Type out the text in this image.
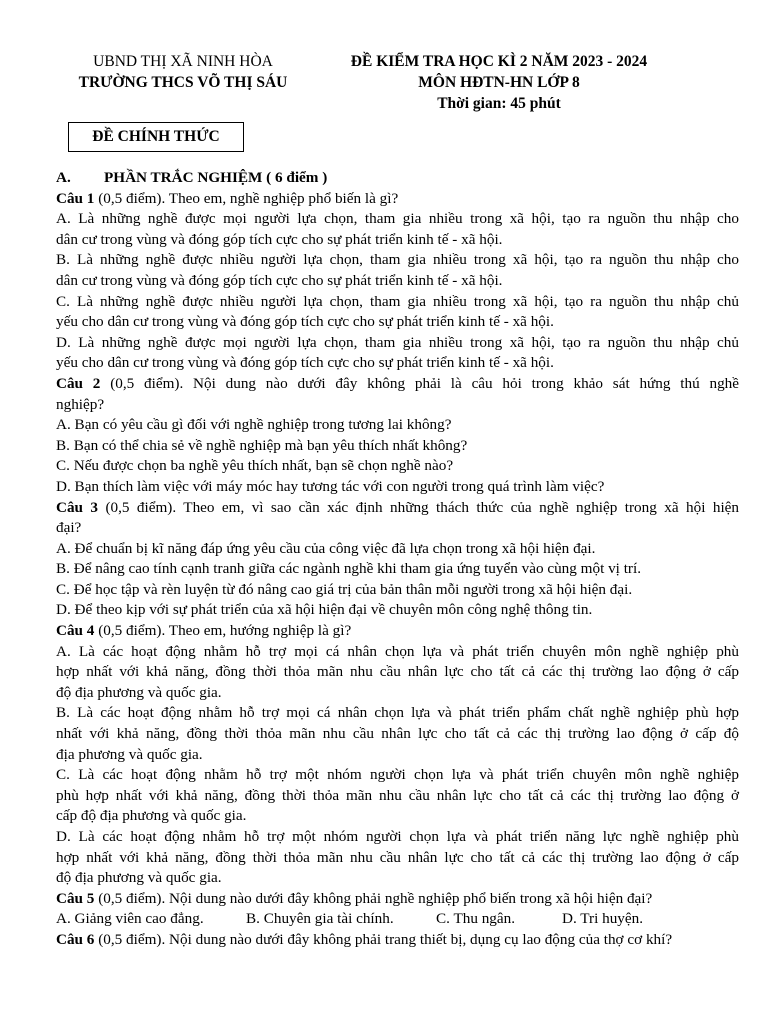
UBND THỊ XÃ NINH HÒA
TRƯỜNG THCS VÕ THỊ SÁU
ĐỀ KIỂM TRA HỌC KÌ 2 NĂM 2023 - 2024
MÔN HĐTN-HN LỚP 8
Thời gian: 45 phút
ĐỀ CHÍNH THỨC
A. PHẦN TRẮC NGHIỆM ( 6 điểm )
Câu 1 (0,5 điểm). Theo em, nghề nghiệp phổ biến là gì?
A. Là những nghề được mọi người lựa chọn, tham gia nhiều trong xã hội, tạo ra nguồn thu nhập cho
dân cư trong vùng và đóng góp tích cực cho sự phát triển kinh tế - xã hội.
B. Là những nghề được nhiều người lựa chọn, tham gia nhiều trong xã hội, tạo ra nguồn thu nhập cho
dân cư trong vùng và đóng góp tích cực cho sự phát triển kinh tế - xã hội.
C. Là những nghề được nhiều người lựa chọn, tham gia nhiều trong xã hội, tạo ra nguồn thu nhập chủ
yếu cho dân cư trong vùng và đóng góp tích cực cho sự phát triển kinh tế - xã hội.
D. Là những nghề được mọi người lựa chọn, tham gia nhiều trong xã hội, tạo ra nguồn thu nhập chủ
yếu cho dân cư trong vùng và đóng góp tích cực cho sự phát triển kinh tế - xã hội.
Câu 2 (0,5 điểm). Nội dung nào dưới đây không phải là câu hỏi trong khảo sát hứng thú nghề
nghiệp?
A. Bạn có yêu cầu gì đối với nghề nghiệp trong tương lai không?
B. Bạn có thể chia sẻ về nghề nghiệp mà bạn yêu thích nhất không?
C. Nếu được chọn ba nghề yêu thích nhất, bạn sẽ chọn nghề nào?
D. Bạn thích làm việc với máy móc hay tương tác với con người trong quá trình làm việc?
Câu 3 (0,5 điểm). Theo em, vì sao cần xác định những thách thức của nghề nghiệp trong xã hội hiện
đại?
A. Để chuẩn bị kĩ năng đáp ứng yêu cầu của công việc đã lựa chọn trong xã hội hiện đại.
B. Để nâng cao tính cạnh tranh giữa các ngành nghề khi tham gia ứng tuyển vào cùng một vị trí.
C. Để học tập và rèn luyện từ đó nâng cao giá trị của bản thân mỗi người trong xã hội hiện đại.
D. Để theo kịp với sự phát triển của xã hội hiện đại về chuyên môn công nghệ thông tin.
Câu 4 (0,5 điểm). Theo em, hướng nghiệp là gì?
A. Là các hoạt động nhằm hỗ trợ mọi cá nhân chọn lựa và phát triển chuyên môn nghề nghiệp phù
hợp nhất với khả năng, đồng thời thỏa mãn nhu cầu nhân lực cho tất cả các thị trường lao động ở cấp
độ địa phương và quốc gia.
B. Là các hoạt động nhằm hỗ trợ mọi cá nhân chọn lựa và phát triển phẩm chất nghề nghiệp phù hợp
nhất với khả năng, đồng thời thỏa mãn nhu cầu nhân lực cho tất cả các thị trường lao động ở cấp độ
địa phương và quốc gia.
C. Là các hoạt động nhằm hỗ trợ một nhóm người chọn lựa và phát triển chuyên môn nghề nghiệp
phù hợp nhất với khả năng, đồng thời thỏa mãn nhu cầu nhân lực cho tất cả các thị trường lao động ở
cấp độ địa phương và quốc gia.
D. Là các hoạt động nhằm hỗ trợ một nhóm người chọn lựa và phát triển năng lực nghề nghiệp phù
hợp nhất với khả năng, đồng thời thỏa mãn nhu cầu nhân lực cho tất cả các thị trường lao động ở cấp
độ địa phương và quốc gia.
Câu 5 (0,5 điểm). Nội dung nào dưới đây không phải nghề nghiệp phổ biến trong xã hội hiện đại?
A. Giảng viên cao đẳng.	B. Chuyên gia tài chính.	C. Thu ngân.	D. Tri huyện.
Câu 6 (0,5 điểm). Nội dung nào dưới đây không phải trang thiết bị, dụng cụ lao động của thợ cơ khí?
